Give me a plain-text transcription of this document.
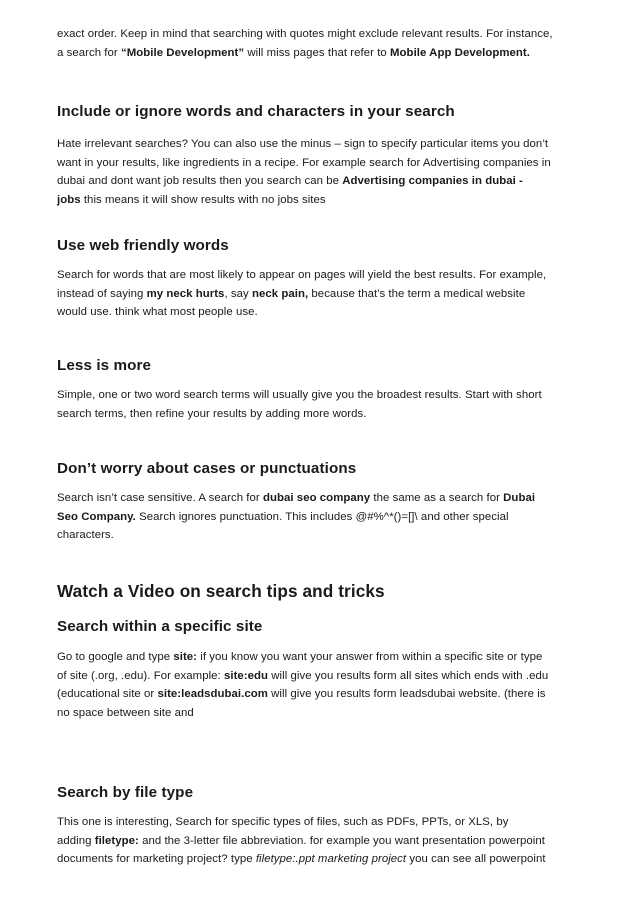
exact order. Keep in mind that searching with quotes might exclude relevant results. For instance,

a search for “Mobile Development” will miss pages that refer to Mobile App Development.

Include or ignore words and characters in your search

Hate irrelevant searches? You can also use the minus – sign to specify particular items you don’t

want in your results, like ingredients in a recipe. For example search for Advertising companies in

dubai and dont want job results then you search can be Advertising companies in dubai -

jobs this means it will show results with no jobs sites

Use web friendly words

Search for words that are most likely to appear on pages will yield the best results. For example,

instead of saying my neck hurts, say neck pain, because that's the term a medical website

would use. think what most people use.

Less is more

Simple, one or two word search terms will usually give you the broadest results. Start with short

search terms, then refine your results by adding more words.

Don’t worry about cases or punctuations

Search isn’t case sensitive. A search for dubai seo company the same as a search for Dubai

Seo Company. Search ignores punctuation. This includes @#%^*()=[]\ and other special

characters.

Watch a Video on search tips and tricks
Search within a specific site

Go to google and type site: if you know you want your answer from within a specific site or type

of site (.org, .edu). For example: site:edu will give you results form all sites which ends with .edu

(educational site or site:leadsdubai.com will give you results form leadsdubai website. (there is

no space between site and

Search by file type

This one is interesting, Search for specific types of files, such as PDFs, PPTs, or XLS, by

adding filetype: and the 3-letter file abbreviation. for example you want presentation powerpoint

documents for marketing project? type filetype:.ppt marketing project you can see all powerpoint
